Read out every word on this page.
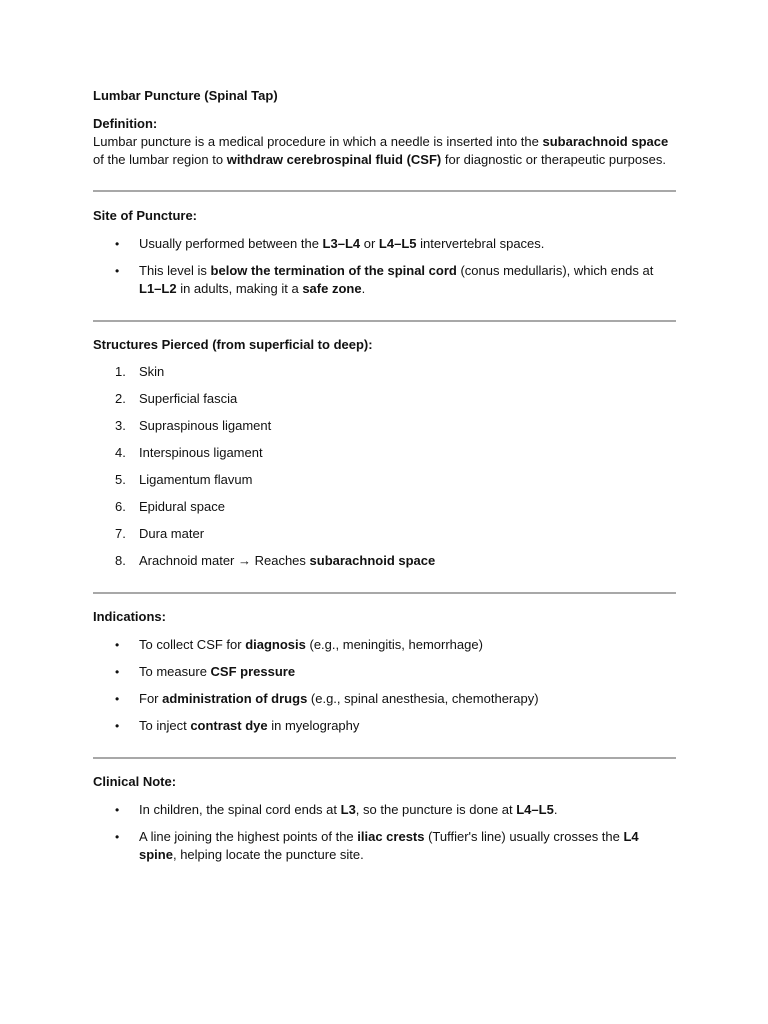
Lumbar Puncture (Spinal Tap)

Definition:

Lumbar puncture is a medical procedure in which a needle is inserted into the subarachnoid space of the lumbar region to withdraw cerebrospinal fluid (CSF) for diagnostic or therapeutic purposes.

Site of Puncture:

• Usually performed between the L3–L4 or L4–L5 intervertebral spaces.
• This level is below the termination of the spinal cord (conus medullaris), which ends at L1–L2 in adults, making it a safe zone.

Structures Pierced (from superficial to deep):

1. Skin
2. Superficial fascia
3. Supraspinous ligament
4. Interspinous ligament
5. Ligamentum flavum
6. Epidural space
7. Dura mater
8. Arachnoid mater → Reaches subarachnoid space

Indications:

• To collect CSF for diagnosis (e.g., meningitis, hemorrhage)
• To measure CSF pressure
• For administration of drugs (e.g., spinal anesthesia, chemotherapy)
• To inject contrast dye in myelography

Clinical Note:

• In children, the spinal cord ends at L3, so the puncture is done at L4–L5.
• A line joining the highest points of the iliac crests (Tuffier's line) usually crosses the L4 spine, helping locate the puncture site.
